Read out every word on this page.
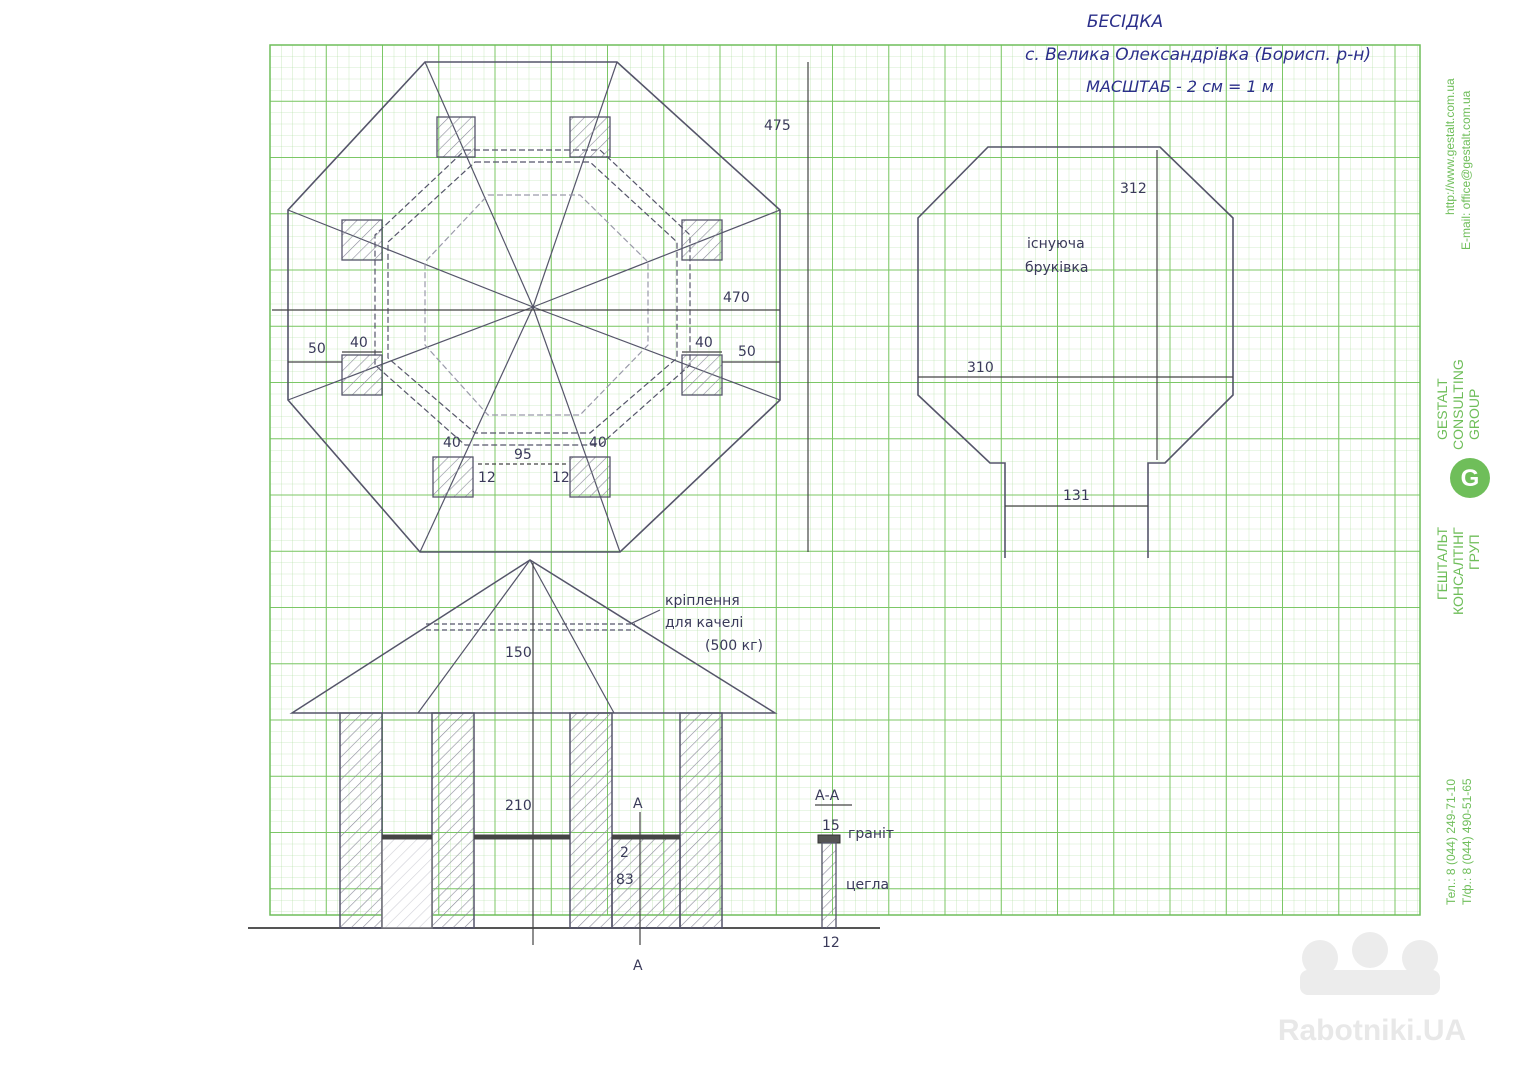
БЕСІДКА
с. Велика Олександрівка (Борисп. р-н)
МАСШТАБ - 2 см = 1 м
475
470
50 40	40
50
40
95
40
12	12
існуюча
бруківка
312
310
131
кріплення
для качелі
(500 кг)
150
210	А
А
2
83
А-А
15 граніт
цегла
12
http://www.gestalt.com.ua E-mail: office@gestalt.com.ua
GESTALT CONSULTING GROUP
G
ГЕШТАЛЬТ КОНСАЛТІНГ ГРУП
Тел.: 8 (044) 249-71-10 Т/ф.: 8 (044) 490-51-65
Rabotniki.UA
